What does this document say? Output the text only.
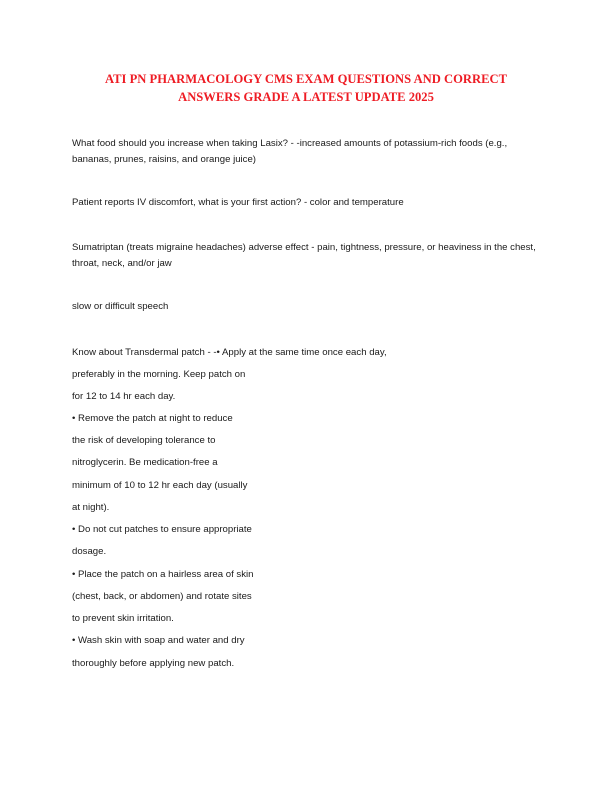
ATI PN PHARMACOLOGY CMS EXAM QUESTIONS AND CORRECT
ANSWERS GRADE A LATEST UPDATE 2025
What food should you increase when taking Lasix? - -increased amounts of potassium-rich foods (e.g., bananas, prunes, raisins, and orange juice)
Patient reports IV discomfort, what is your first action? - color and temperature
Sumatriptan (treats migraine headaches) adverse effect - pain, tightness, pressure, or heaviness in the chest, throat, neck, and/or jaw
slow or difficult speech
Know about Transdermal patch - -• Apply at the same time once each day,
preferably in the morning. Keep patch on
for 12 to 14 hr each day.
• Remove the patch at night to reduce
the risk of developing tolerance to
nitroglycerin. Be medication-free a
minimum of 10 to 12 hr each day (usually
at night).
• Do not cut patches to ensure appropriate
dosage.
• Place the patch on a hairless area of skin
(chest, back, or abdomen) and rotate sites
to prevent skin irritation.
• Wash skin with soap and water and dry
thoroughly before applying new patch.
